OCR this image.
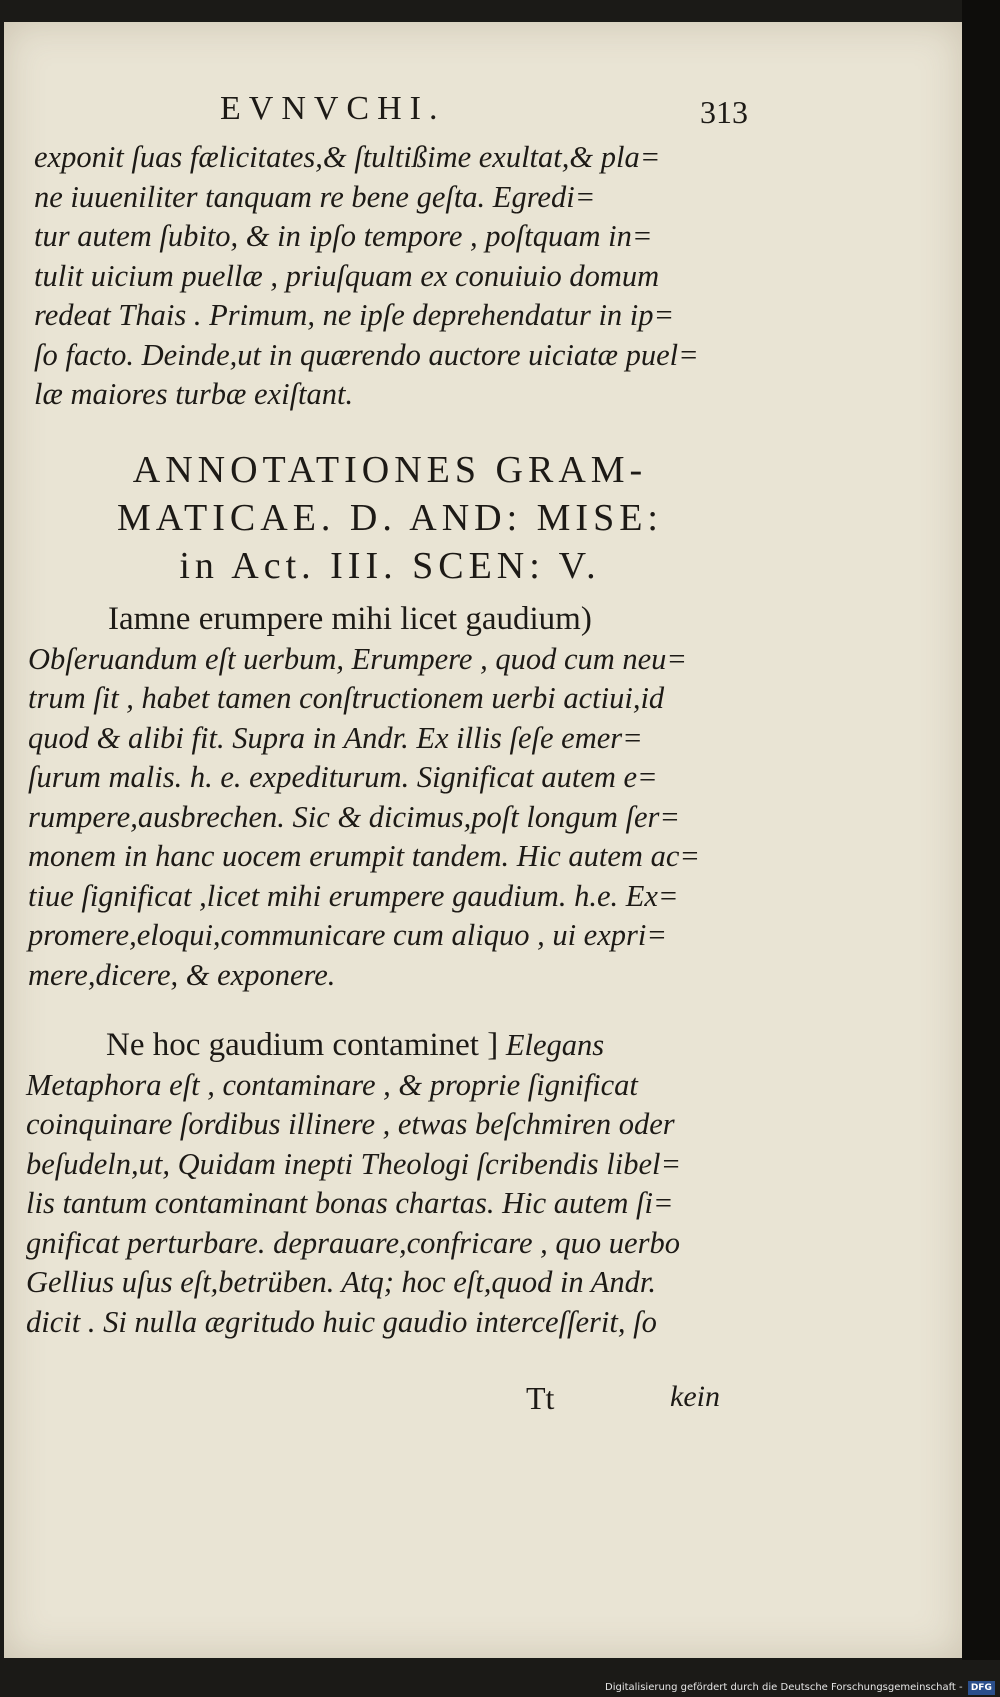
EVNVCHI.	313
exponit ſuas fælicitates,& ſtultißime exultat,& pla=
ne iuueniliter tanquam re bene geſta. Egredi=
tur autem ſubito, & in ipſo tempore , poſtquam in=
tulit uicium puellæ , priuſquam ex conuiuio domum
redeat Thais . Primum, ne ipſe deprehendatur in ip=
ſo facto. Deinde,ut in quærendo auctore uiciatæ puel=
læ maiores turbæ exiſtant.
ANNOTATIONES GRAM-
MATICAE. D. AND: MISE:
in Act. III. SCEN: V.
Iamne erumpere mihi licet gaudium)
Obſeruandum eſt uerbum, Erumpere , quod cum neu=
trum ſit , habet tamen conſtructionem uerbi actiui,id
quod & alibi fit. Supra in Andr. Ex illis ſeſe emer=
ſurum malis. h. e. expediturum. Significat autem e=
rumpere,ausbrechen. Sic & dicimus,poſt longum ſer=
monem in hanc uocem erumpit tandem. Hic autem ac=
tiue ſignificat ,licet mihi erumpere gaudium. h.e. Ex=
promere,eloqui,communicare cum aliquo , ui expri=
mere,dicere, & exponere.
Ne hoc gaudium contaminet ] Elegans
Metaphora eſt , contaminare , & proprie ſignificat
coinquinare ſordibus illinere , etwas beſchmiren oder
beſudeln,ut, Quidam inepti Theologi ſcribendis libel=
lis tantum contaminant bonas chartas. Hic autem ſi=
gnificat perturbare. deprauare,confricare , quo uerbo
Gellius uſus eſt,betrüben. Atq; hoc eſt,quod in Andr.
dicit . Si nulla ægritudo huic gaudio interceſſerit, ſo
Tt	kein
Digitalisierung gefördert durch die Deutsche Forschungsgemeinschaft - DFG
